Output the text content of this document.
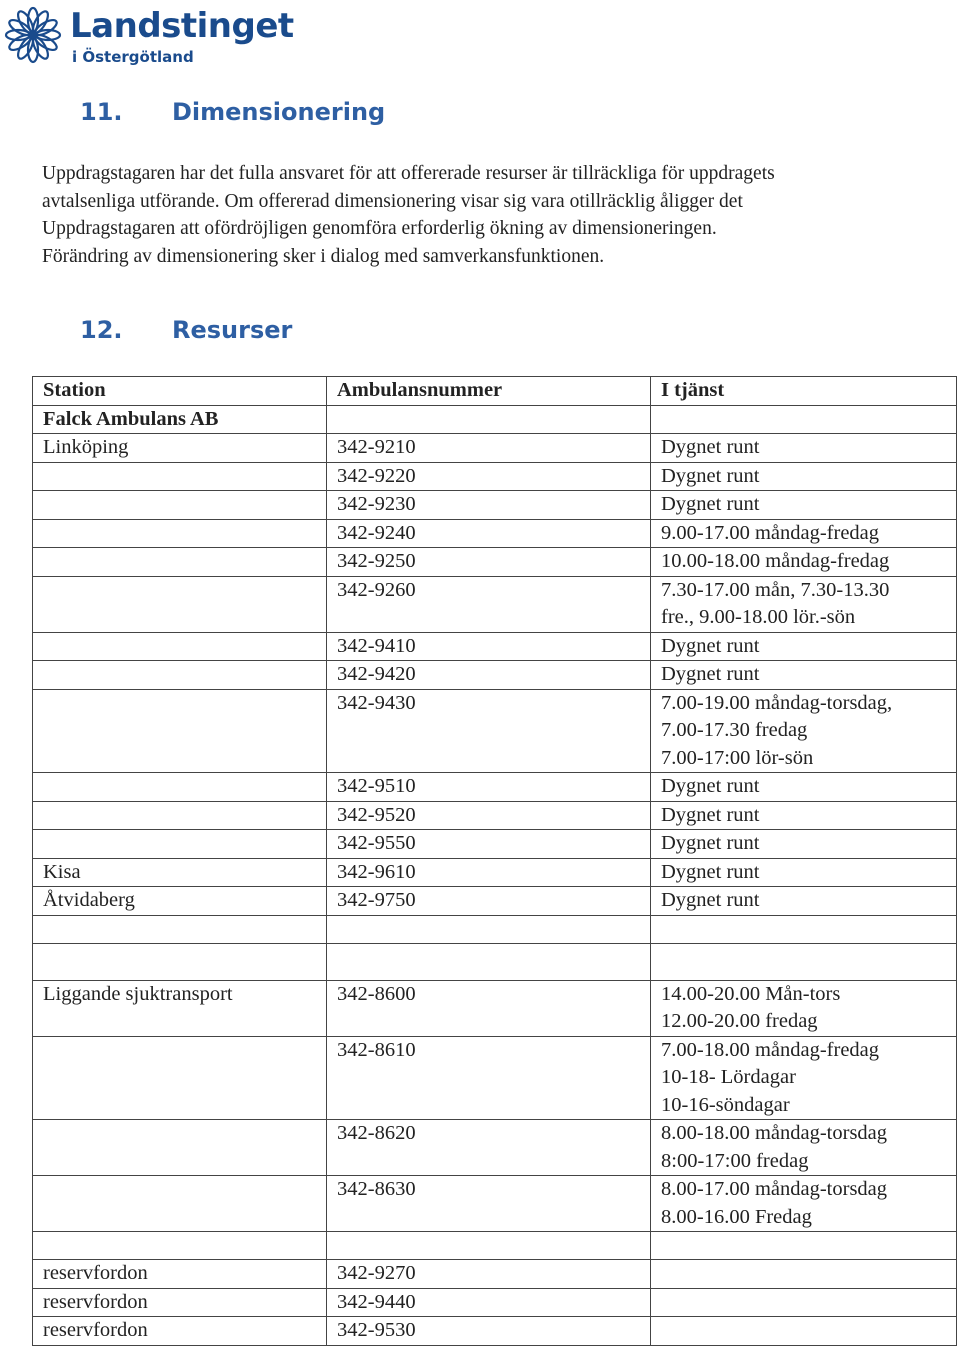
Landstinget
i Östergötland
11. Dimensionering
Uppdragstagaren har det fulla ansvaret för att offererade resurser är tillräckliga för uppdragets
avtalsenliga utförande. Om offererad dimensionering visar sig vara otillräcklig åligger det
Uppdragstagaren att ofördröjligen genomföra erforderlig ökning av dimensioneringen.
Förändring av dimensionering sker i dialog med samverkansfunktionen.
12. Resurser
Station	Ambulansnummer	I tjänst
Falck Ambulans AB		
Linköping	342-9210	Dygnet runt

	342-9220	Dygnet runt

	342-9230	Dygnet runt

	342-9240	9.00-17.00 måndag-fredag

	342-9250	10.00-18.00 måndag-fredag

	342-9260	7.30-17.00 mån, 7.30-13.30
fre., 9.00-18.00 lör.-sön

	342-9410	Dygnet runt

	342-9420	Dygnet runt

	342-9430	7.00-19.00 måndag-torsdag,
7.00-17.30 fredag
7.00-17:00 lör-sön

	342-9510	Dygnet runt

	342-9520	Dygnet runt

	342-9550	Dygnet runt

Kisa	342-9610	Dygnet runt

Åtvidaberg	342-9750	Dygnet runt

Liggande sjuktransport	342-8600	14.00-20.00 Mån-tors
12.00-20.00 fredag

	342-8610	7.00-18.00 måndag-fredag
10-18- Lördagar
10-16-söndagar

	342-8620	8.00-18.00 måndag-torsdag
8:00-17:00 fredag

	342-8630	8.00-17.00 måndag-torsdag
8.00-16.00 Fredag

reservfordon	342-9270	
reservfordon	342-9440	
reservfordon	342-9530	
